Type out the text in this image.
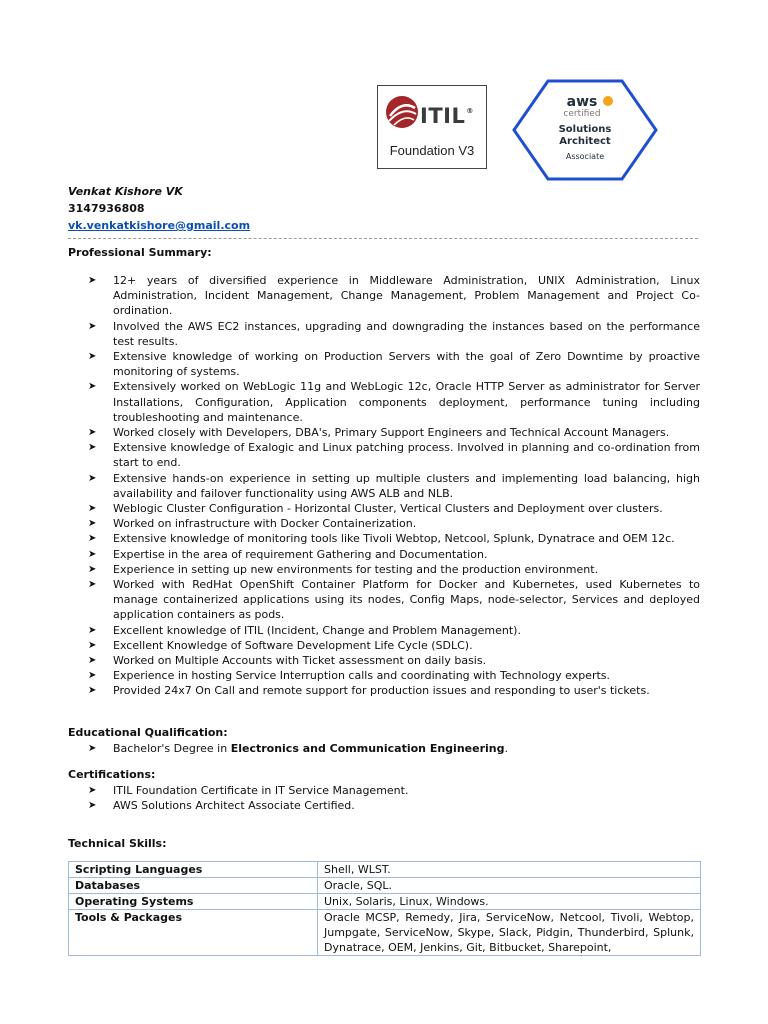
ITIL®
Foundation V3
aws
certified
Solutions
Architect
Associate
Venkat Kishore VK
3147936808
vk.venkatkishore@gmail.com
Professional Summary:
➤ 12+ years of diversified experience in Middleware Administration, UNIX Administration, Linux Administration, Incident Management, Change Management, Problem Management and Project Co-ordination.
➤ Involved the AWS EC2 instances, upgrading and downgrading the instances based on the performance test results.
➤ Extensive knowledge of working on Production Servers with the goal of Zero Downtime by proactive monitoring of systems.
➤ Extensively worked on WebLogic 11g and WebLogic 12c, Oracle HTTP Server as administrator for Server Installations, Configuration, Application components deployment, performance tuning including troubleshooting and maintenance.
➤ Worked closely with Developers, DBA's, Primary Support Engineers and Technical Account Managers.
➤ Extensive knowledge of Exalogic and Linux patching process. Involved in planning and co-ordination from start to end.
➤ Extensive hands-on experience in setting up multiple clusters and implementing load balancing, high availability and failover functionality using AWS ALB and NLB.
➤ Weblogic Cluster Configuration - Horizontal Cluster, Vertical Clusters and Deployment over clusters.
➤ Worked on infrastructure with Docker Containerization.
➤ Extensive knowledge of monitoring tools like Tivoli Webtop, Netcool, Splunk, Dynatrace and OEM 12c.
➤ Expertise in the area of requirement Gathering and Documentation.
➤ Experience in setting up new environments for testing and the production environment.
➤ Worked with RedHat OpenShift Container Platform for Docker and Kubernetes, used Kubernetes to manage containerized applications using its nodes, Config Maps, node-selector, Services and deployed application containers as pods.
➤ Excellent knowledge of ITIL (Incident, Change and Problem Management).
➤ Excellent Knowledge of Software Development Life Cycle (SDLC).
➤ Worked on Multiple Accounts with Ticket assessment on daily basis.
➤ Experience in hosting Service Interruption calls and coordinating with Technology experts.
➤ Provided 24x7 On Call and remote support for production issues and responding to user's tickets.
Educational Qualification:
➤ Bachelor's Degree in Electronics and Communication Engineering.
Certifications:
➤ ITIL Foundation Certificate in IT Service Management.
➤ AWS Solutions Architect Associate Certified.
Technical Skills:
Scripting Languages	Shell, WLST.
Databases	Oracle, SQL.
Operating Systems	Unix, Solaris, Linux, Windows.
Tools & Packages	Oracle MCSP, Remedy, Jira, ServiceNow, Netcool, Tivoli, Webtop, Jumpgate, ServiceNow, Skype, Slack, Pidgin, Thunderbird, Splunk, Dynatrace, OEM, Jenkins, Git, Bitbucket, Sharepoint,
